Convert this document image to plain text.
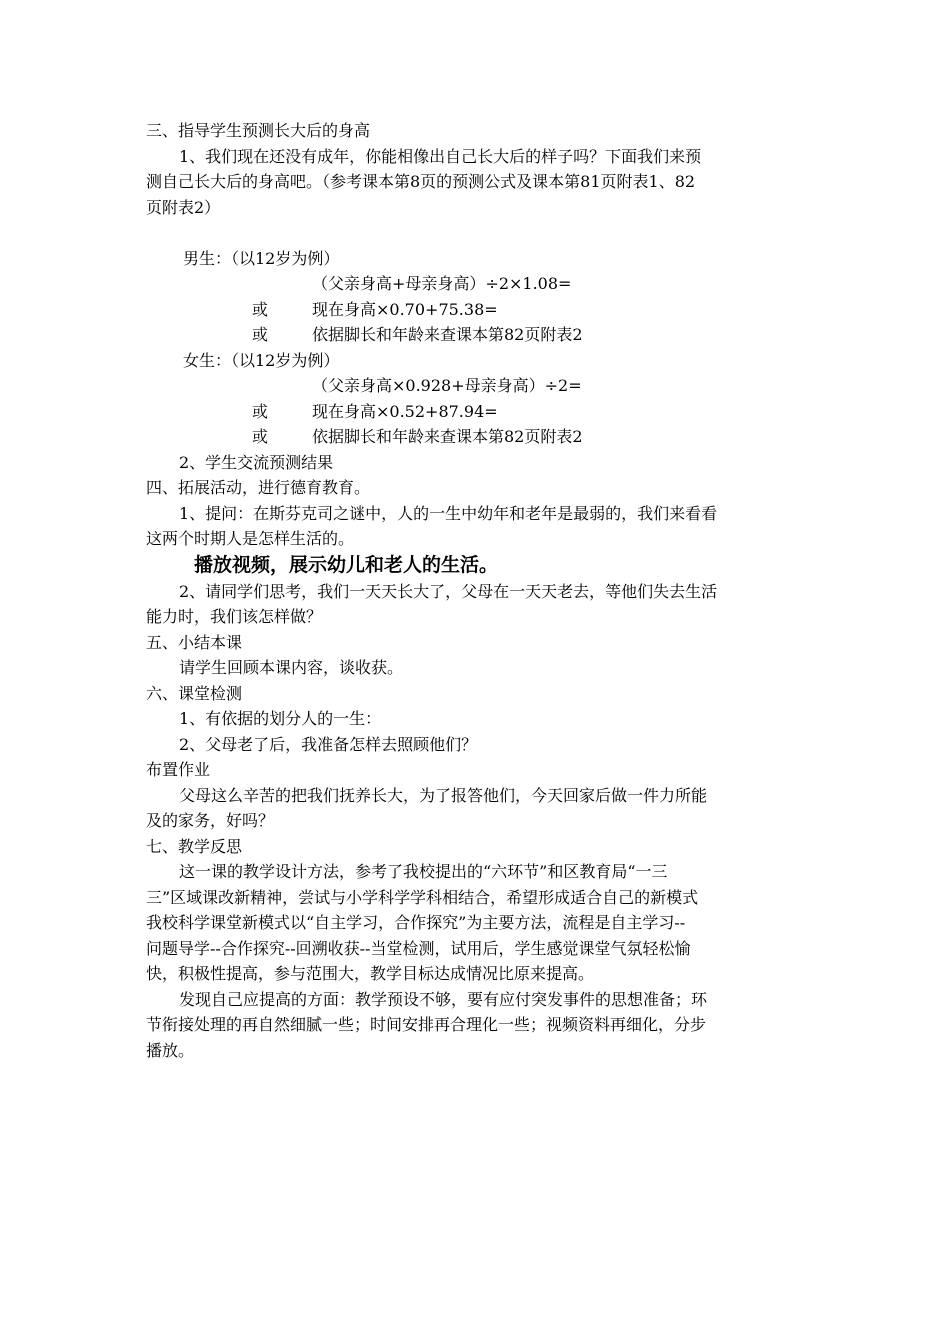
三、指导学生预测长大后的身高

1、我们现在还没有成年，你能相像出自己长大后的样子吗？下面我们来预

测自己长大后的身高吧。（参考课本第8页的预测公式及课本第81页附表1、82

页附表2）

男生：（以12岁为例）

（父亲身高+母亲身高）÷2×1.08=

或	现在身高×0.70+75.38=
或	依据脚长和年龄来查课本第82页附表2

女生：（以12岁为例）

（父亲身高×0.928+母亲身高）÷2=

或	现在身高×0.52+87.94=
或	依据脚长和年龄来查课本第82页附表2

2、学生交流预测结果

四、拓展活动，进行德育教育。

1、提问：在斯芬克司之谜中，人的一生中幼年和老年是最弱的，我们来看看

这两个时期人是怎样生活的。

播放视频，展示幼儿和老人的生活。

2、请同学们思考，我们一天天长大了，父母在一天天老去，等他们失去生活

能力时，我们该怎样做？

五、小结本课

请学生回顾本课内容，谈收获。

六、课堂检测

1、有依据的划分人的一生：

2、父母老了后，我准备怎样去照顾他们？

布置作业

父母这么辛苦的把我们抚养长大，为了报答他们，今天回家后做一件力所能

及的家务，好吗？

七、教学反思

这一课的教学设计方法，参考了我校提出的“六环节”和区教育局“一三

三”区域课改新精神，尝试与小学科学学科相结合，希望形成适合自己的新模式

我校科学课堂新模式以“自主学习，合作探究”为主要方法，流程是自主学习--

问题导学--合作探究--回溯收获--当堂检测，试用后，学生感觉课堂气氛轻松愉

快，积极性提高，参与范围大，教学目标达成情况比原来提高。

发现自己应提高的方面：教学预设不够，要有应付突发事件的思想准备；环

节衔接处理的再自然细腻一些；时间安排再合理化一些；视频资料再细化，分步

播放。
